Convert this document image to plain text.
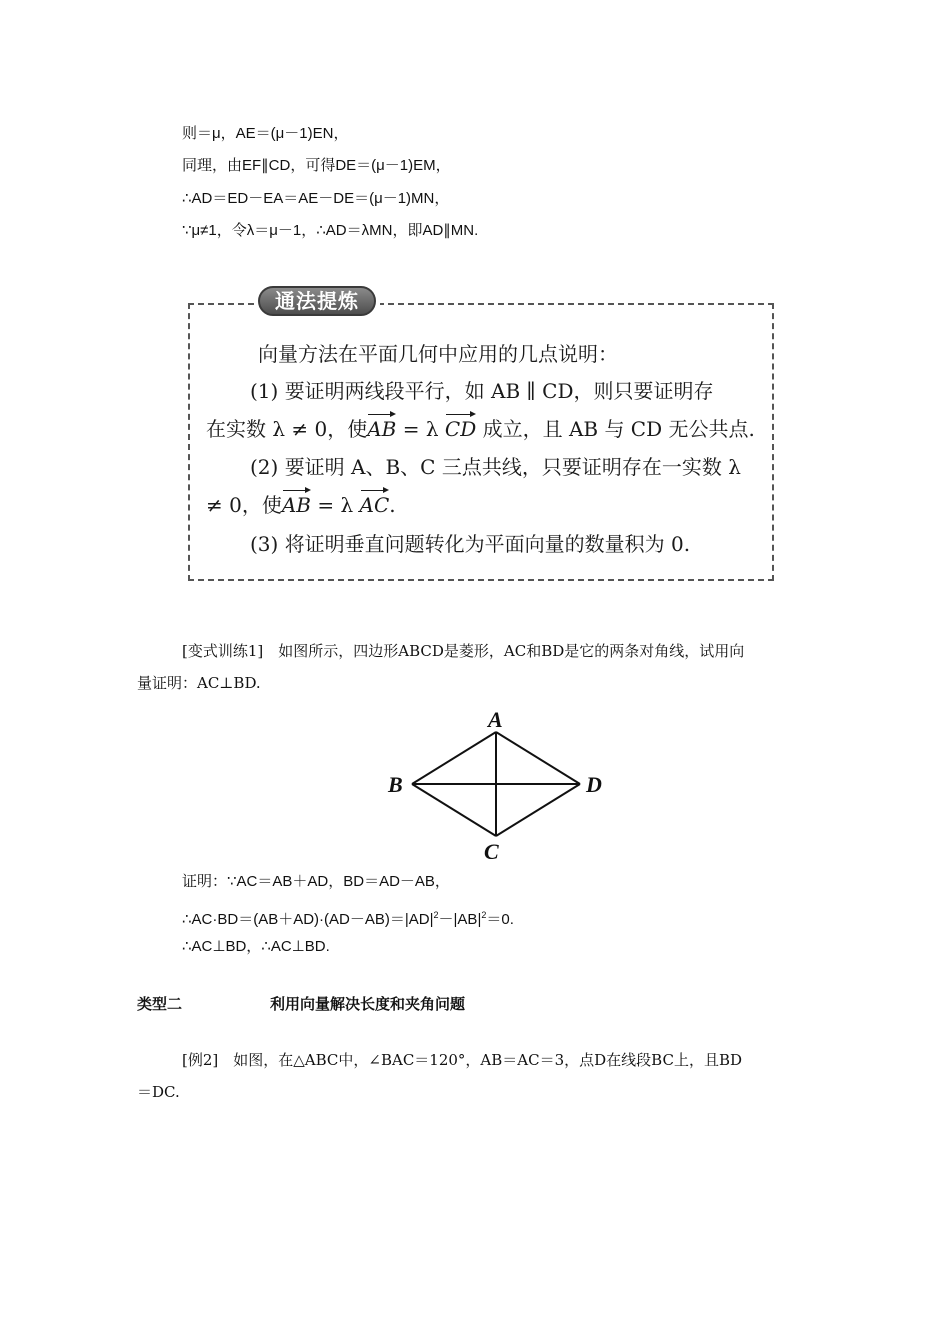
则＝μ，AE＝(μ－1)EN，
同理，由EF∥CD，可得DE＝(μ－1)EM，
∴AD＝ED－EA＝AE－DE＝(μ－1)MN，
∵μ≠1，令λ＝μ－1，∴AD＝λMN，即AD∥MN.
通法提炼
向量方法在平面几何中应用的几点说明：
(1) 要证明两线段平行，如 AB ∥ CD，则只要证明存
在实数 λ ≠ 0，使AB = λ CD 成立，且 AB 与 CD 无公共点.
(2) 要证明 A、B、C 三点共线，只要证明存在一实数 λ
≠ 0，使AB = λ AC.
(3) 将证明垂直问题转化为平面向量的数量积为 0.
[变式训练1]　如图所示，四边形ABCD是菱形，AC和BD是它的两条对角线，试用向
量证明：AC⊥BD.
A
B
C
D
证明：∵AC＝AB＋AD，BD＝AD－AB，
$\therefore AC\cdot BD=(AB+AD)\cdot(AD-AB)=|AD|^2-|AB|^2=0$.
∴AC⊥BD，∴AC⊥BD.
类型二	利用向量解决长度和夹角问题
[例2]　如图，在△ABC中，∠BAC＝120°，AB＝AC＝3，点D在线段BC上，且BD
＝DC.
